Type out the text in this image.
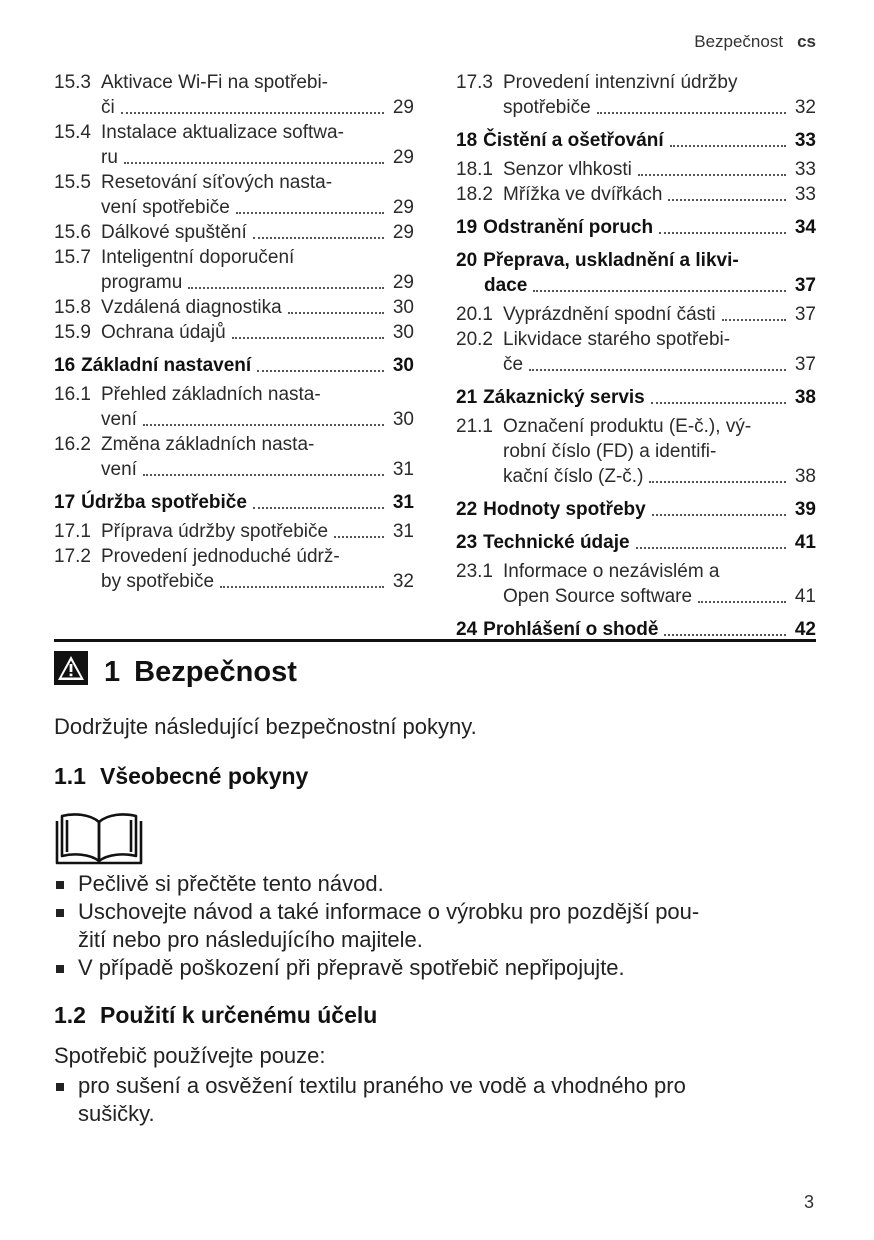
Bezpečnost cs
15.3 Aktivace Wi-Fi na spotřebi-
či	29
15.4 Instalace aktualizace softwa-
ru	29
15.5 Resetování síťových nasta-
vení spotřebiče	29
15.6 Dálkové spuštění	29
15.7 Inteligentní doporučení
programu	29
15.8 Vzdálená diagnostika	30
15.9 Ochrana údajů	30
16 Základní nastavení	30
16.1 Přehled základních nasta-
vení	30
16.2 Změna základních nasta-
vení	31
17 Údržba spotřebiče	31
17.1 Příprava údržby spotřebiče	31
17.2 Provedení jednoduché údrž-
by spotřebiče	32
17.3 Provedení intenzivní údržby
spotřebiče	32
18 Čistění a ošetřování	33
18.1 Senzor vlhkosti	33
18.2 Mřížka ve dvířkách	33
19 Odstranění poruch	34
20 Přeprava, uskladnění a likvi-
dace	37
20.1 Vyprázdnění spodní části	37
20.2 Likvidace starého spotřebi-
če	37
21 Zákaznický servis	38
21.1 Označení produktu (E-č.), vý-
robní číslo (FD) a identifi-
kační číslo (Z-č.)	38
22 Hodnoty spotřeby	39
23 Technické údaje	41
23.1 Informace o nezávislém a
Open Source software	41
24 Prohlášení o shodě	42
1 Bezpečnost
Dodržujte následující bezpečnostní pokyny.
1.1 Všeobecné pokyny
Pečlivě si přečtěte tento návod.
Uschovejte návod a také informace o výrobku pro pozdější pou-
žití nebo pro následujícího majitele.
V případě poškození při přepravě spotřebič nepřipojujte.
1.2 Použití k určenému účelu
Spotřebič používejte pouze:
pro sušení a osvěžení textilu praného ve vodě a vhodného pro
sušičky.
3
